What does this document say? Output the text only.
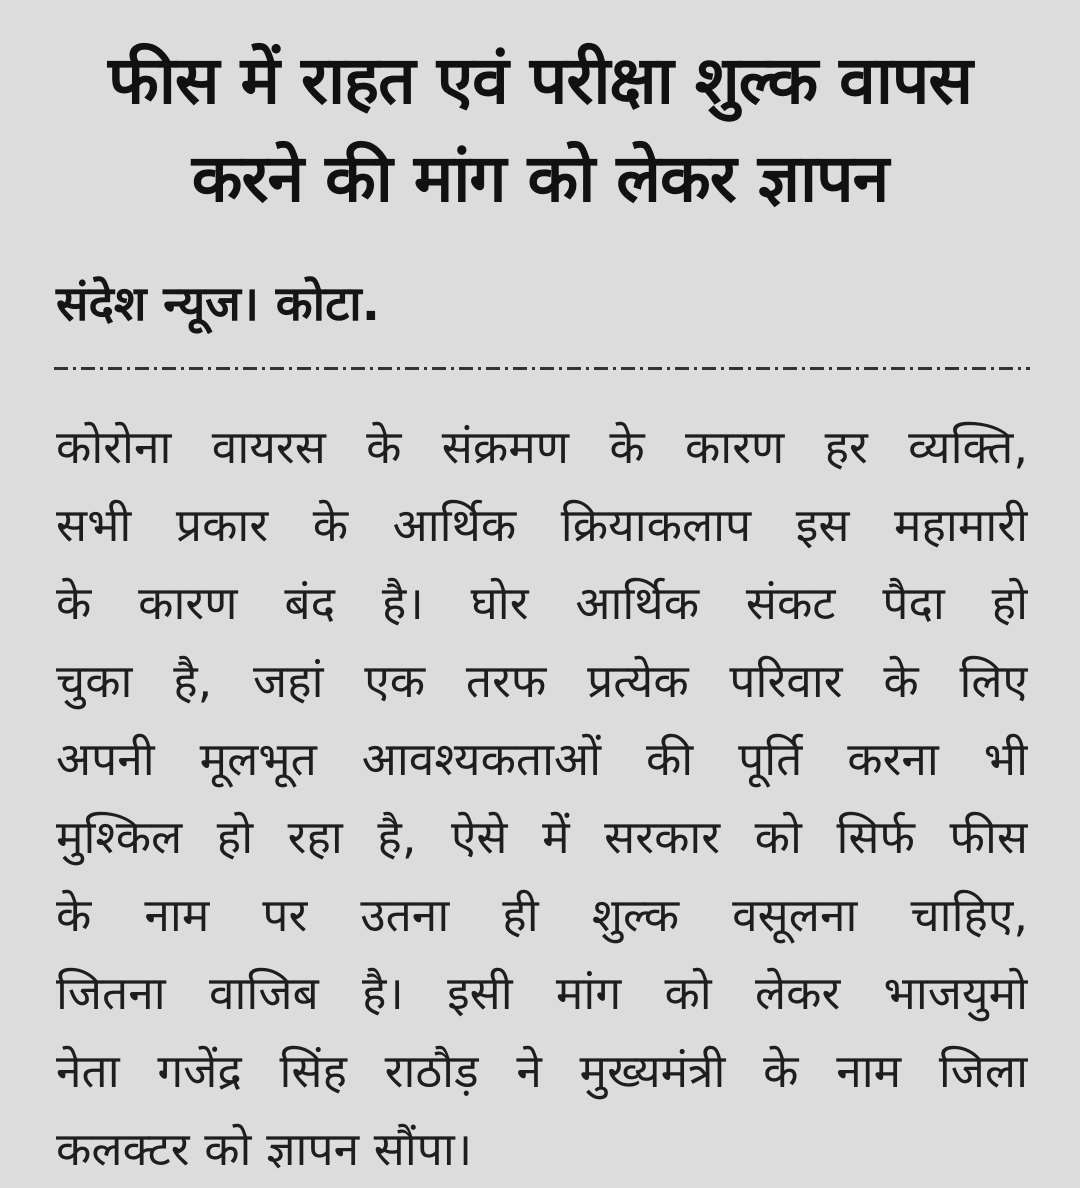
फीस में राहत एवं परीक्षा शुल्क वापस
करने की मांग को लेकर ज्ञापन
संदेश न्यूज। कोटा.
कोरोना वायरस के संक्रमण के कारण हर व्यक्ति,
सभी प्रकार के आर्थिक क्रियाकलाप इस महामारी
के कारण बंद है। घोर आर्थिक संकट पैदा हो
चुका है, जहां एक तरफ प्रत्येक परिवार के लिए
अपनी मूलभूत आवश्यकताओं की पूर्ति करना भी
मुश्किल हो रहा है, ऐसे में सरकार को सिर्फ फीस
के नाम पर उतना ही शुल्क वसूलना चाहिए,
जितना वाजिब है। इसी मांग को लेकर भाजयुमो
नेता गजेंद्र सिंह राठौड़ ने मुख्यमंत्री के नाम जिला
कलक्टर को ज्ञापन सौंपा।
